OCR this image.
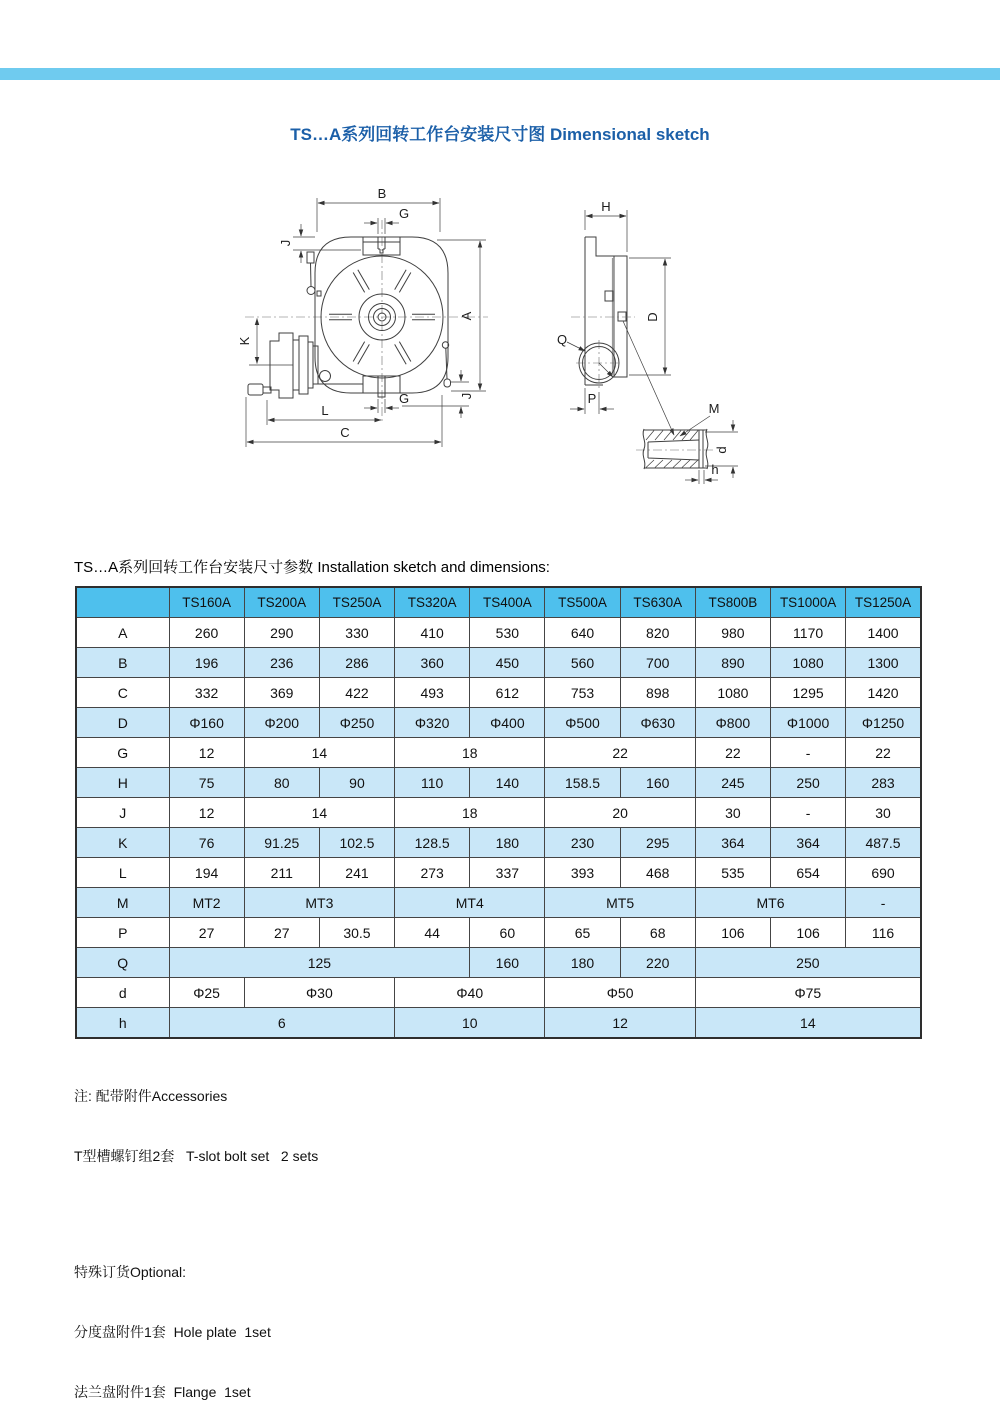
TS…A系列回转工作台安装尺寸图 Dimensional sketch
B
G
J
A
K
G	J
L
C
Q
H
D
P
M
d
h
TS…A系列回转工作台安装尺寸参数 Installation sketch and dimensions:
	TS160A	TS200A	TS250A	TS320A	TS400A	TS500A	TS630A	TS800B	TS1000A	TS1250A
A	260	290	330	410	530	640	820	980	1170	1400
B	196	236	286	360	450	560	700	890	1080	1300
C	332	369	422	493	612	753	898	1080	1295	1420
D	Φ160	Φ200	Φ250	Φ320	Φ400	Φ500	Φ630	Φ800	Φ1000	Φ1250
G	12	14		18		22		22	-	22
H	75	80	90	110	140	158.5	160	245	250	283
J	12	14		18		20		30	-	30
K	76	91.25	102.5	128.5	180	230	295	364	364	487.5
L	194	211	241	273	337	393	468	535	654	690
M	MT2	MT3		MT4		MT5		MT6		-
P	27	27	30.5	44	60	65	68	106	106	116
Q	125				160	180	220	250		
d	Φ25	Φ30		Φ40		Φ50		Φ75		
h	6			10		12		14		

注: 配带附件Accessories

T型槽螺钉组2套   T-slot bolt set   2 sets

特殊订货Optional:

分度盘附件1套  Hole plate  1set

法兰盘附件1套  Flange  1set
